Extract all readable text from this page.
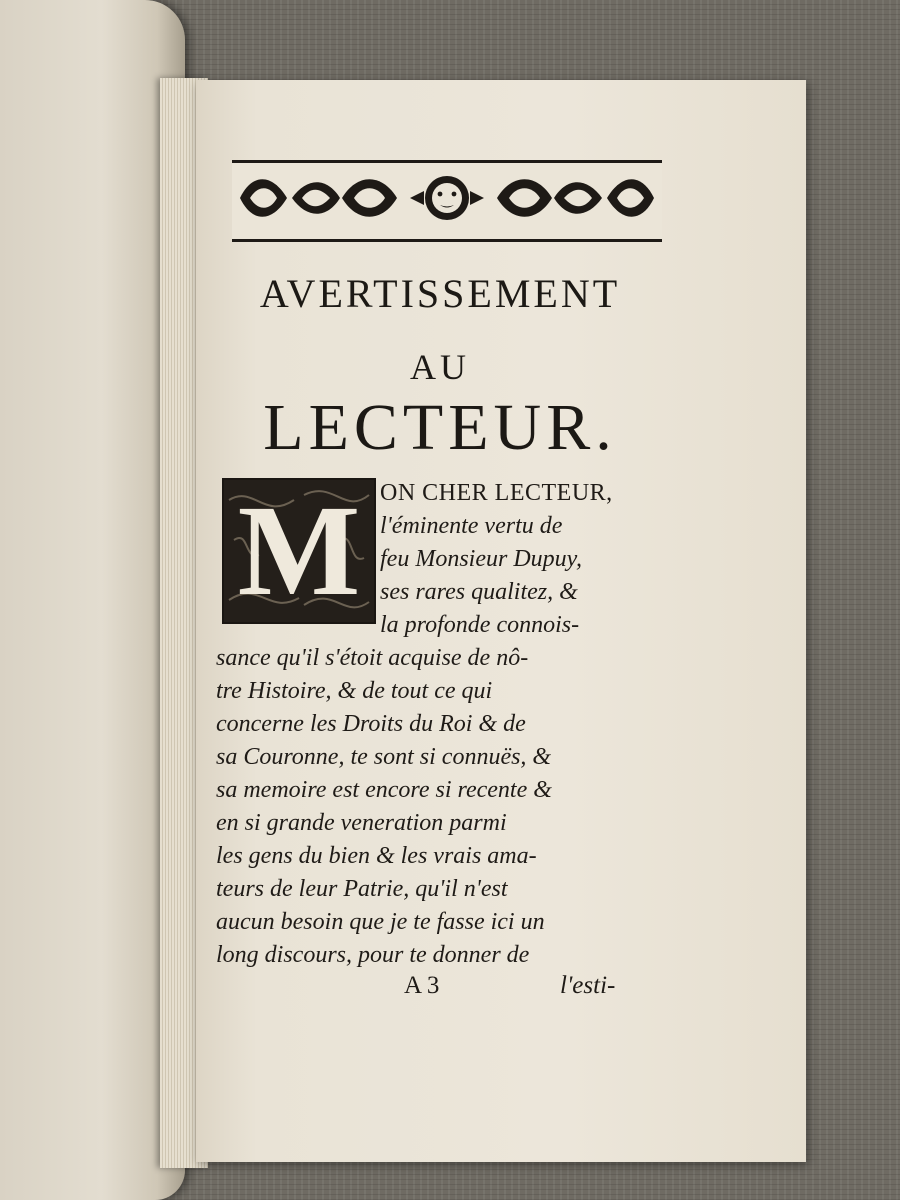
AVERTISSEMENT
AU
LECTEUR.
M ON CHER LECTEUR,
l'éminente vertu de
feu Monsieur Dupuy,
ses rares qualitez, &
la profonde connois-
sance qu'il s'étoit acquise de nô-
tre Histoire, & de tout ce qui
concerne les Droits du Roi & de
sa Couronne, te sont si connuës, &
sa memoire est encore si recente &
en si grande veneration parmi
les gens du bien & les vrais ama-
teurs de leur Patrie, qu'il n'est
aucun besoin que je te fasse ici un
long discours, pour te donner de
A 3	l'esti-
